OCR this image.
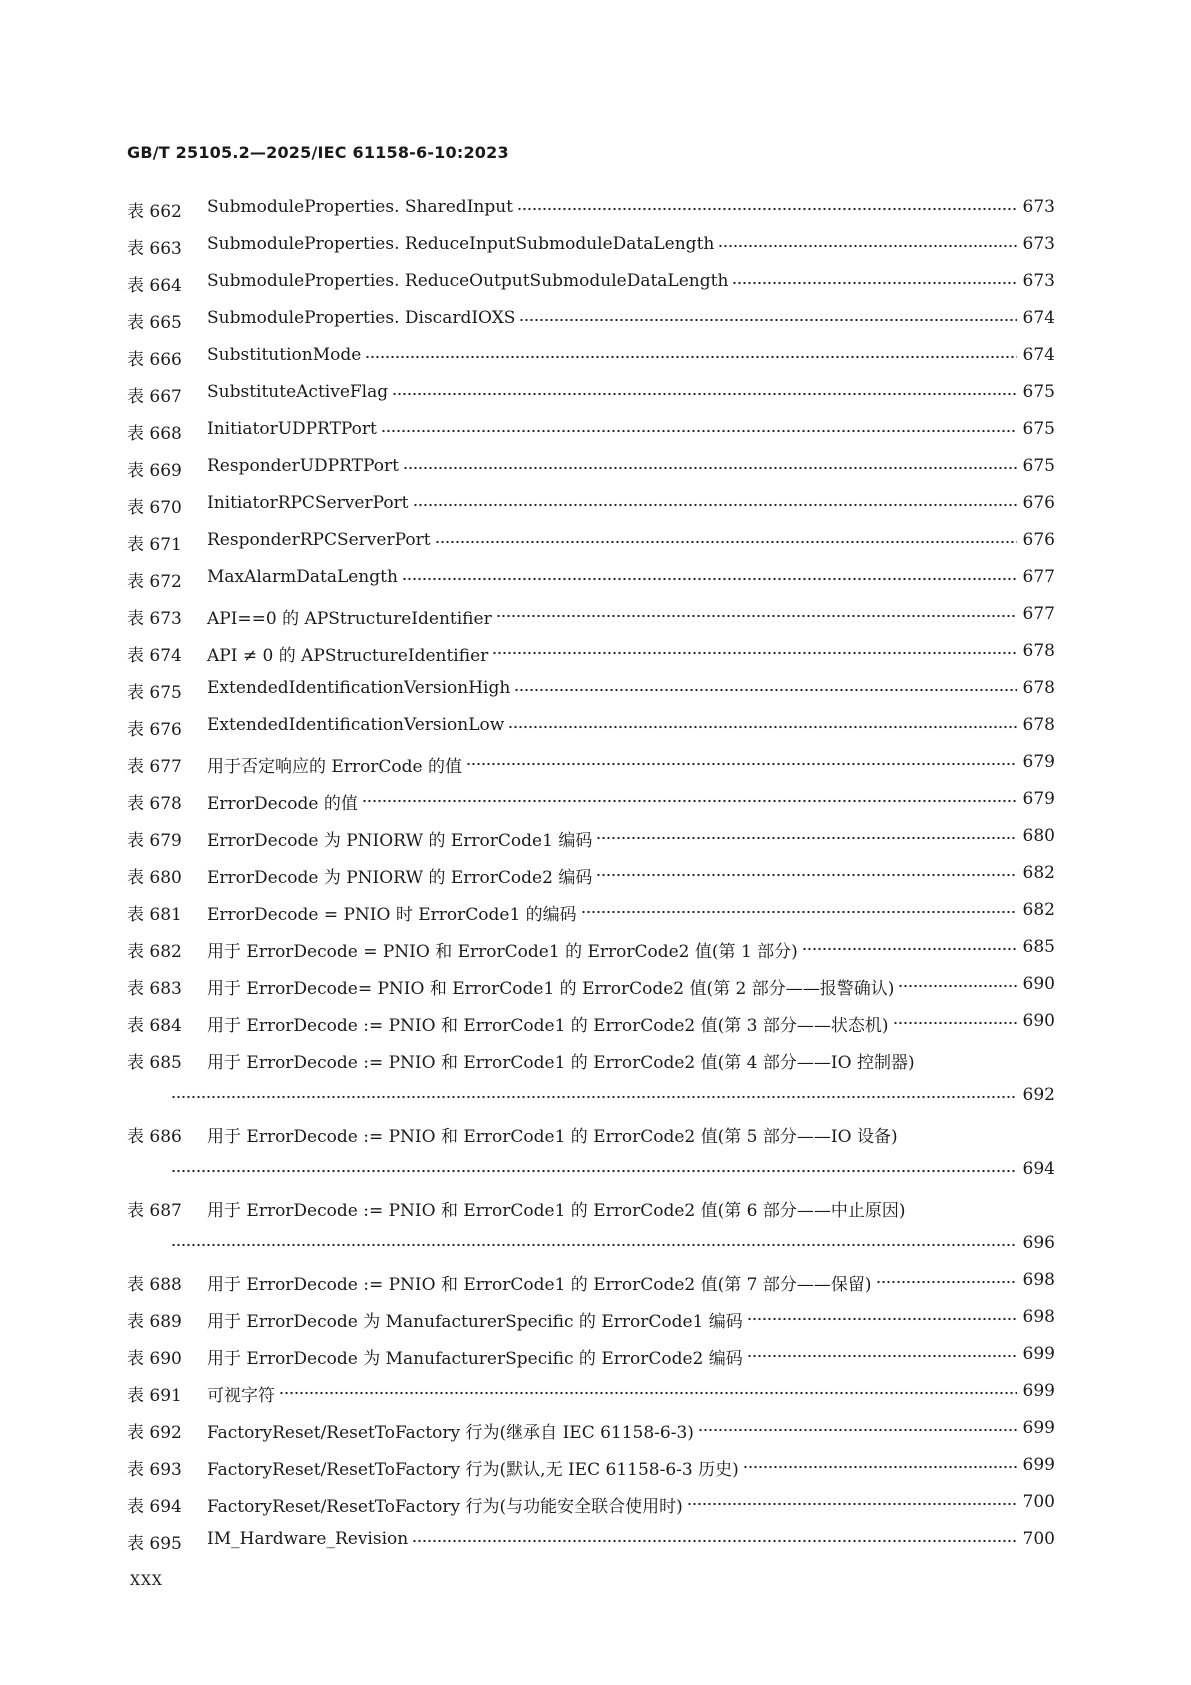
GB/T 25105.2—2025/IEC 61158-6-10:2023
表 662	SubmoduleProperties. SharedInput	673
表 663	SubmoduleProperties. ReduceInputSubmoduleDataLength	673
表 664	SubmoduleProperties. ReduceOutputSubmoduleDataLength	673
表 665	SubmoduleProperties. DiscardIOXS	674
表 666	SubstitutionMode	674
表 667	SubstituteActiveFlag	675
表 668	InitiatorUDPRTPort	675
表 669	ResponderUDPRTPort	675
表 670	InitiatorRPCServerPort	676
表 671	ResponderRPCServerPort	676
表 672	MaxAlarmDataLength	677
表 673	API==0 的 APStructureIdentifier	677
表 674	API ≠ 0 的 APStructureIdentifier	678
表 675	ExtendedIdentificationVersionHigh	678
表 676	ExtendedIdentificationVersionLow	678
表 677	用于否定响应的 ErrorCode 的值	679
表 678	ErrorDecode 的值	679
表 679	ErrorDecode 为 PNIORW 的 ErrorCode1 编码	680
表 680	ErrorDecode 为 PNIORW 的 ErrorCode2 编码	682
表 681	ErrorDecode = PNIO 时 ErrorCode1 的编码	682
表 682	用于 ErrorDecode = PNIO 和 ErrorCode1 的 ErrorCode2 值(第 1 部分)	685
表 683	用于 ErrorDecode= PNIO 和 ErrorCode1 的 ErrorCode2 值(第 2 部分——报警确认)	690
表 684	用于 ErrorDecode := PNIO 和 ErrorCode1 的 ErrorCode2 值(第 3 部分——状态机)	690
表 685	用于 ErrorDecode := PNIO 和 ErrorCode1 的 ErrorCode2 值(第 4 部分——IO 控制器)
692
表 686	用于 ErrorDecode := PNIO 和 ErrorCode1 的 ErrorCode2 值(第 5 部分——IO 设备)
694
表 687	用于 ErrorDecode := PNIO 和 ErrorCode1 的 ErrorCode2 值(第 6 部分——中止原因)
696
表 688	用于 ErrorDecode := PNIO 和 ErrorCode1 的 ErrorCode2 值(第 7 部分——保留)	698
表 689	用于 ErrorDecode 为 ManufacturerSpecific 的 ErrorCode1 编码	698
表 690	用于 ErrorDecode 为 ManufacturerSpecific 的 ErrorCode2 编码	699
表 691	可视字符	699
表 692	FactoryReset/ResetToFactory 行为(继承自 IEC 61158-6-3)	699
表 693	FactoryReset/ResetToFactory 行为(默认,无 IEC 61158-6-3 历史)	699
表 694	FactoryReset/ResetToFactory 行为(与功能安全联合使用时)	700
表 695	IM_Hardware_Revision	700
XXX
